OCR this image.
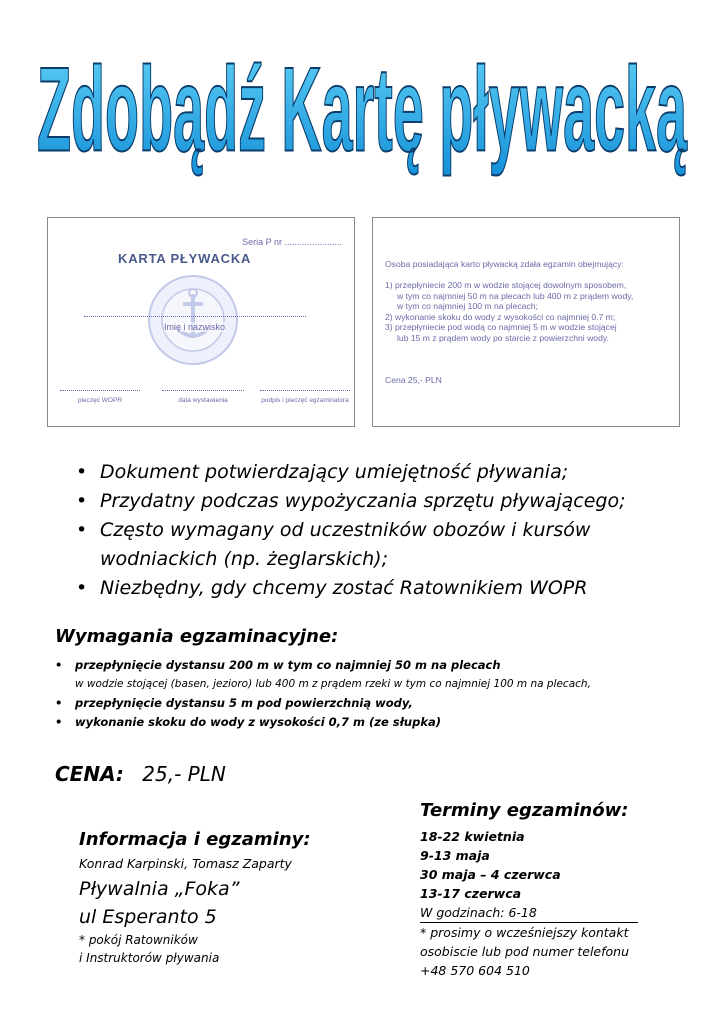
Zdobądź Kartę pływacką
Seria P nr .......................
KARTA PŁYWACKA
Imię i nazwisko
pieczęć WOPR	data wystawienia	podpis i pieczęć egzaminatora
Osoba posiadająca karto pływacką zdała egzamin obejmujący:
1) przepłyniecie 200 m w wodzie stojącej dowolnym sposobem,
w tym co najmniej 50 m na plecach lub 400 m z prądem wody,
w tym co najmniej 100 m na plecach;
2) wykonanie skoku do wody z wysokości co najmniej 0.7 m;
3) przepłyniecie pod wodą co najmniej 5 m w wodzie stojącej
lub 15 m z prądem wody po starcie z powierzchni wody.
Cena 25,- PLN
• Dokument potwierdzający umiejętność pływania;
• Przydatny podczas wypożyczania sprzętu pływającego;
• Często wymagany od uczestników obozów i kursów
wodniackich (np. żeglarskich);
• Niezbędny, gdy chcemy zostać Ratownikiem WOPR
Wymagania egzaminacyjne:
• przepłynięcie dystansu 200 m w tym co najmniej 50 m na plecach
w wodzie stojącej (basen, jezioro) lub 400 m z prądem rzeki w tym co najmniej 100 m na plecach,
• przepłynięcie dystansu 5 m pod powierzchnią wody,
• wykonanie skoku do wody z wysokości 0,7 m (ze słupka)
CENA: 25,- PLN
Informacja i egzaminy:
Konrad Karpinski, Tomasz Zaparty
Pływalnia „Foka”
ul Esperanto 5
* pokój Ratowników
i Instruktorów pływania
Terminy egzaminów:
18-22 kwietnia
9-13 maja
30 maja – 4 czerwca
13-17 czerwca
W godzinach: 6-18
* prosimy o wcześniejszy kontakt
osobiscie lub pod numer telefonu
+48 570 604 510
